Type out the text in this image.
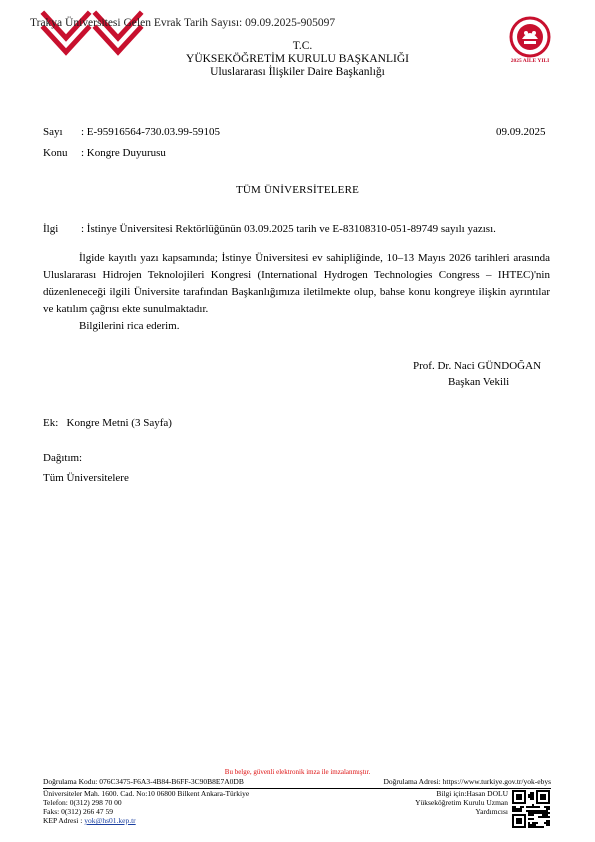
Trakya Üniversitesi Gelen Evrak Tarih Sayısı: 09.09.2025-905097
T.C.
YÜKSEKÖĞRETİM KURULU BAŞKANLIĞI
Uluslararası İlişkiler Daire Başkanlığı
2025 AİLE YILI
Sayı : E-95916564-730.03.99-59105
Konu : Kongre Duyurusu
09.09.2025
TÜM ÜNİVERSİTELERE
İlgi : İstinye Üniversitesi Rektörlüğünün 03.09.2025 tarih ve E-83108310-051-89749 sayılı yazısı.

İlgide kayıtlı yazı kapsamında; İstinye Üniversitesi ev sahipliğinde, 10–13 Mayıs 2026 tarihleri arasında Uluslararası Hidrojen Teknolojileri Kongresi (International Hydrogen Technologies Congress – IHTEC)'nin düzenleneceği ilgili Üniversite tarafından Başkanlığımıza iletilmekte olup, bahse konu kongreye ilişkin ayrıntılar ve katılım çağrısı ekte sunulmaktadır.

Bilgilerini rica ederim.

Prof. Dr. Naci GÜNDOĞAN
Başkan Vekili
Ek:   Kongre Metni (3 Sayfa)
Dağıtım:
Tüm Üniversitelere
Bu belge, güvenli elektronik imza ile imzalanmıştır.
Doğrulama Kodu: 076C3475-F6A3-4B84-B6FF-3C90B8E7A0DB	Doğrulama Adresi: https://www.turkiye.gov.tr/yok-ebys
Üniversiteler Mah. 1600. Cad. No:10 06800 Bilkent Ankara-Türkiye
Telefon: 0(312) 298 70 00
Faks: 0(312) 266 47 59
KEP Adresi : yok@hs01.kep.tr
Bilgi için:Hasan DOLU
Yükseköğretim Kurulu Uzman
Yardımcısı
